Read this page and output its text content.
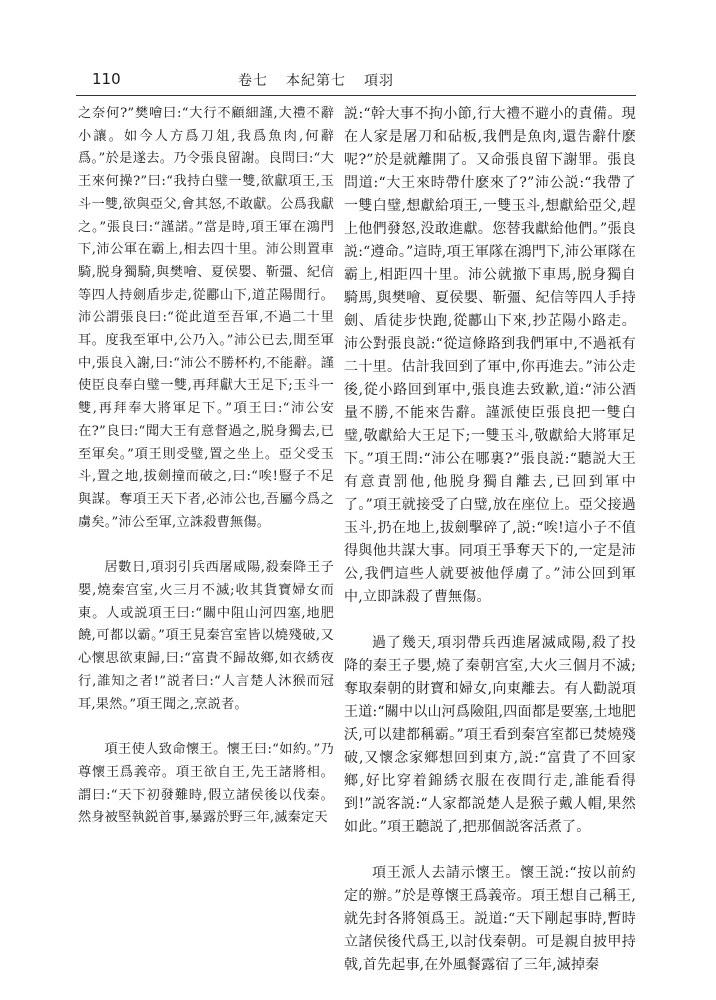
110	卷七 本紀第七 項羽

之奈何?”樊噲曰:“大行不顧細謹,大禮不辭小讓。如今人方爲刀俎,我爲魚肉,何辭爲。”於是遂去。乃令張良留謝。良問曰:“大王來何操?”曰:“我持白璧一雙,欲獻項王,玉斗一雙,欲與亞父,會其怒,不敢獻。公爲我獻之。”張良曰:“謹諾。”當是時,項王軍在鴻門下,沛公軍在霸上,相去四十里。沛公則置車騎,脱身獨騎,與樊噲、夏侯嬰、靳彊、紀信等四人持劍盾步走,從酈山下,道芷陽閒行。沛公謂張良曰:“從此道至吾軍,不過二十里耳。度我至軍中,公乃入。”沛公已去,閒至軍中,張良入謝,曰:“沛公不勝杯杓,不能辭。謹使臣良奉白璧一雙,再拜獻大王足下;玉斗一雙,再拜奉大將軍足下。”項王曰:“沛公安在?”良曰:“聞大王有意督過之,脱身獨去,已至軍矣。”項王則受璧,置之坐上。亞父受玉斗,置之地,拔劍撞而破之,曰:“唉!豎子不足與謀。奪項王天下者,必沛公也,吾屬今爲之虜矣。”沛公至軍,立誅殺曹無傷。

居數日,項羽引兵西屠咸陽,殺秦降王子嬰,燒秦宫室,火三月不滅;收其貨寶婦女而東。人或説項王曰:“關中阻山河四塞,地肥饒,可都以霸。”項王見秦宫室皆以燒殘破,又心懷思欲東歸,曰:“富貴不歸故鄉,如衣綉夜行,誰知之者!”説者曰:“人言楚人沐猴而冠耳,果然。”項王聞之,烹説者。

項王使人致命懷王。懷王曰:“如約。”乃尊懷王爲義帝。項王欲自王,先王諸將相。謂曰:“天下初發難時,假立諸侯後以伐秦。然身被堅執鋭首事,暴露於野三年,滅秦定天

説:“幹大事不拘小節,行大禮不避小的責備。現在人家是屠刀和砧板,我們是魚肉,還告辭什麽呢?”於是就離開了。又命張良留下謝罪。張良問道:“大王來時帶什麽來了?”沛公説:“我帶了一雙白璧,想獻給項王,一雙玉斗,想獻給亞父,趕上他們發怒,没敢進獻。您替我獻給他們。”張良説:“遵命。”這時,項王軍隊在鴻門下,沛公軍隊在霸上,相距四十里。沛公就撤下車馬,脱身獨自騎馬,與樊噲、夏侯嬰、靳彊、紀信等四人手持劍、盾徒步快跑,從酈山下來,抄芷陽小路走。沛公對張良説:“從這條路到我們軍中,不過祇有二十里。估計我回到了軍中,你再進去。”沛公走後,從小路回到軍中,張良進去致歉,道:“沛公酒量不勝,不能來告辭。謹派使臣張良把一雙白璧,敬獻給大王足下;一雙玉斗,敬獻給大將軍足下。”項王問:“沛公在哪裏?”張良説:“聽説大王有意責罰他,他脱身獨自離去,已回到軍中了。”項王就接受了白璧,放在座位上。亞父接過玉斗,扔在地上,拔劍擊碎了,説:“唉!這小子不值得與他共謀大事。同項王爭奪天下的,一定是沛公,我們這些人就要被他俘虜了。”沛公回到軍中,立即誅殺了曹無傷。

過了幾天,項羽帶兵西進屠滅咸陽,殺了投降的秦王子嬰,燒了秦朝宫室,大火三個月不滅;奪取秦朝的財寶和婦女,向東離去。有人勸説項王道:“關中以山河爲險阻,四面都是要塞,土地肥沃,可以建都稱霸。”項王看到秦宫室都已焚燒殘破,又懷念家鄉想回到東方,説:“富貴了不回家鄉,好比穿着錦綉衣服在夜間行走,誰能看得到!”説客説:“人家都説楚人是猴子戴人帽,果然如此。”項王聽説了,把那個説客活煮了。

項王派人去請示懷王。懷王説:“按以前約定的辦。”於是尊懷王爲義帝。項王想自己稱王,就先封各將領爲王。説道:“天下剛起事時,暫時立諸侯後代爲王,以討伐秦朝。可是親自披甲持戟,首先起事,在外風餐露宿了三年,滅掉秦
